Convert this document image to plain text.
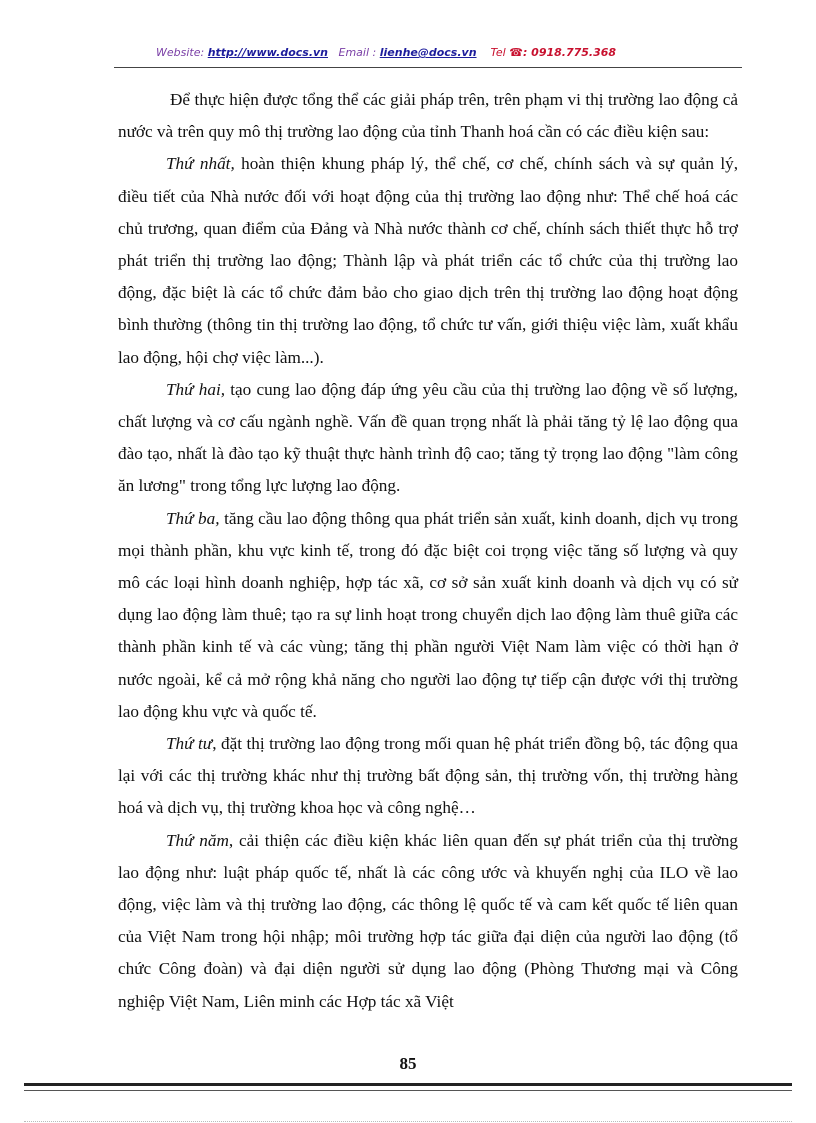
Website: http://www.docs.vn Email : lienhe@docs.vn Tel ☎: 0918.775.368

Để thực hiện được tổng thể các giải pháp trên, trên phạm vi thị trường lao động cả nước và trên quy mô thị trường lao động của tỉnh Thanh hoá cần có các điều kiện sau:

Thứ nhất, hoàn thiện khung pháp lý, thể chế, cơ chế, chính sách và sự quản lý, điều tiết của Nhà nước đối với hoạt động của thị trường lao động như: Thể chế hoá các chủ trương, quan điểm của Đảng và Nhà nước thành cơ chế, chính sách thiết thực hỗ trợ phát triển thị trường lao động; Thành lập và phát triển các tổ chức của thị trường lao động, đặc biệt là các tổ chức đảm bảo cho giao dịch trên thị trường lao động hoạt động bình thường (thông tin thị trường lao động, tổ chức tư vấn, giới thiệu việc làm, xuất khẩu lao động, hội chợ việc làm...).

Thứ hai, tạo cung lao động đáp ứng yêu cầu của thị trường lao động về số lượng, chất lượng và cơ cấu ngành nghề. Vấn đề quan trọng nhất là phải tăng tỷ lệ lao động qua đào tạo, nhất là đào tạo kỹ thuật thực hành trình độ cao; tăng tỷ trọng lao động "làm công ăn lương" trong tổng lực lượng lao động.

Thứ ba, tăng cầu lao động thông qua phát triển sản xuất, kinh doanh, dịch vụ trong mọi thành phần, khu vực kinh tế, trong đó đặc biệt coi trọng việc tăng số lượng và quy mô các loại hình doanh nghiệp, hợp tác xã, cơ sở sản xuất kinh doanh và dịch vụ có sử dụng lao động làm thuê; tạo ra sự linh hoạt trong chuyển dịch lao động làm thuê giữa các thành phần kinh tế và các vùng; tăng thị phần người Việt Nam làm việc có thời hạn ở nước ngoài, kể cả mở rộng khả năng cho người lao động tự tiếp cận được với thị trường lao động khu vực và quốc tế.

Thứ tư, đặt thị trường lao động trong mối quan hệ phát triển đồng bộ, tác động qua lại với các thị trường khác như thị trường bất động sản, thị trường vốn, thị trường hàng hoá và dịch vụ, thị trường khoa học và công nghệ…

Thứ năm, cải thiện các điều kiện khác liên quan đến sự phát triển của thị trường lao động như: luật pháp quốc tế, nhất là các công ước và khuyến nghị của ILO về lao động, việc làm và thị trường lao động, các thông lệ quốc tế và cam kết quốc tế liên quan của Việt Nam trong hội nhập; môi trường hợp tác giữa đại diện của người lao động (tổ chức Công đoàn) và đại diện người sử dụng lao động (Phòng Thương mại và Công nghiệp Việt Nam, Liên minh các Hợp tác xã Việt

85
